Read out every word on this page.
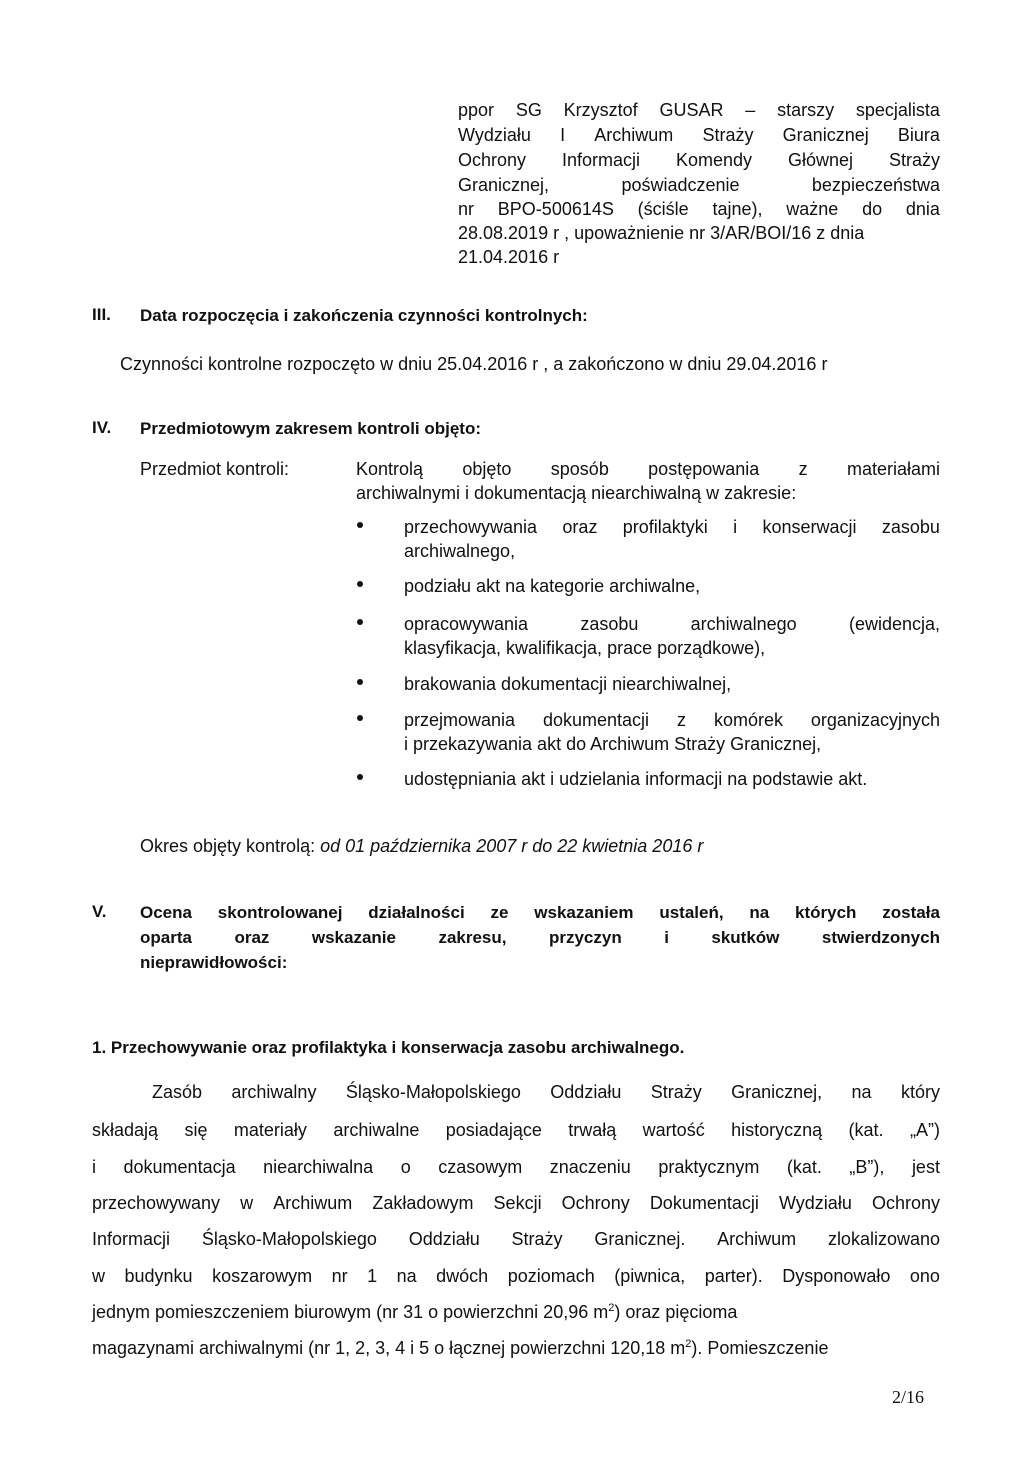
ppor SG Krzysztof GUSAR – starszy specjalista
Wydziału I Archiwum Straży Granicznej Biura
Ochrony Informacji Komendy Głównej Straży
Granicznej,	poświadczenie	bezpieczeństwa
nr BPO-500614S (ściśle tajne), ważne do dnia
28.08.2019 r , upoważnienie nr 3/AR/BOI/16 z dnia
21.04.2016 r
III. Data rozpoczęcia i zakończenia czynności kontrolnych:
Czynności kontrolne rozpoczęto w dniu 25.04.2016 r , a zakończono w dniu 29.04.2016 r
IV. Przedmiotowym zakresem kontroli objęto:
Przedmiot kontroli:	Kontrolą objęto sposób postępowania z materiałami
archiwalnymi i dokumentacją niearchiwalną w zakresie:
przechowywania oraz profilaktyki i konserwacji zasobu
archiwalnego,
podziału akt na kategorie archiwalne,
opracowywania	zasobu	archiwalnego	(ewidencja,
klasyfikacja, kwalifikacja, prace porządkowe),
brakowania dokumentacji niearchiwalnej,
przejmowania dokumentacji z komórek organizacyjnych
i przekazywania akt do Archiwum Straży Granicznej,
udostępniania akt i udzielania informacji na podstawie akt.
Okres objęty kontrolą: od 01 października 2007 r do 22 kwietnia 2016 r
V. Ocena skontrolowanej działalności ze wskazaniem ustaleń, na których została
oparta oraz wskazanie zakresu, przyczyn i skutków stwierdzonych
nieprawidłowości:
1. Przechowywanie oraz profilaktyka i konserwacja zasobu archiwalnego.
Zasób archiwalny Śląsko-Małopolskiego Oddziału Straży Granicznej, na który
składają się materiały archiwalne posiadające trwałą wartość historyczną (kat. „A”)
i dokumentacja niearchiwalna o czasowym znaczeniu praktycznym (kat. „B”), jest
przechowywany w Archiwum Zakładowym Sekcji Ochrony Dokumentacji Wydziału Ochrony
Informacji Śląsko-Małopolskiego Oddziału Straży Granicznej. Archiwum zlokalizowano
w budynku koszarowym nr 1 na dwóch poziomach (piwnica, parter). Dysponowało ono
jednym pomieszczeniem biurowym (nr 31 o powierzchni 20,96 $m^2$) oraz pięcioma
magazynami archiwalnymi (nr 1, 2, 3, 4 i 5 o łącznej powierzchni 120,18 $m^2$). Pomieszczenie
2/16
